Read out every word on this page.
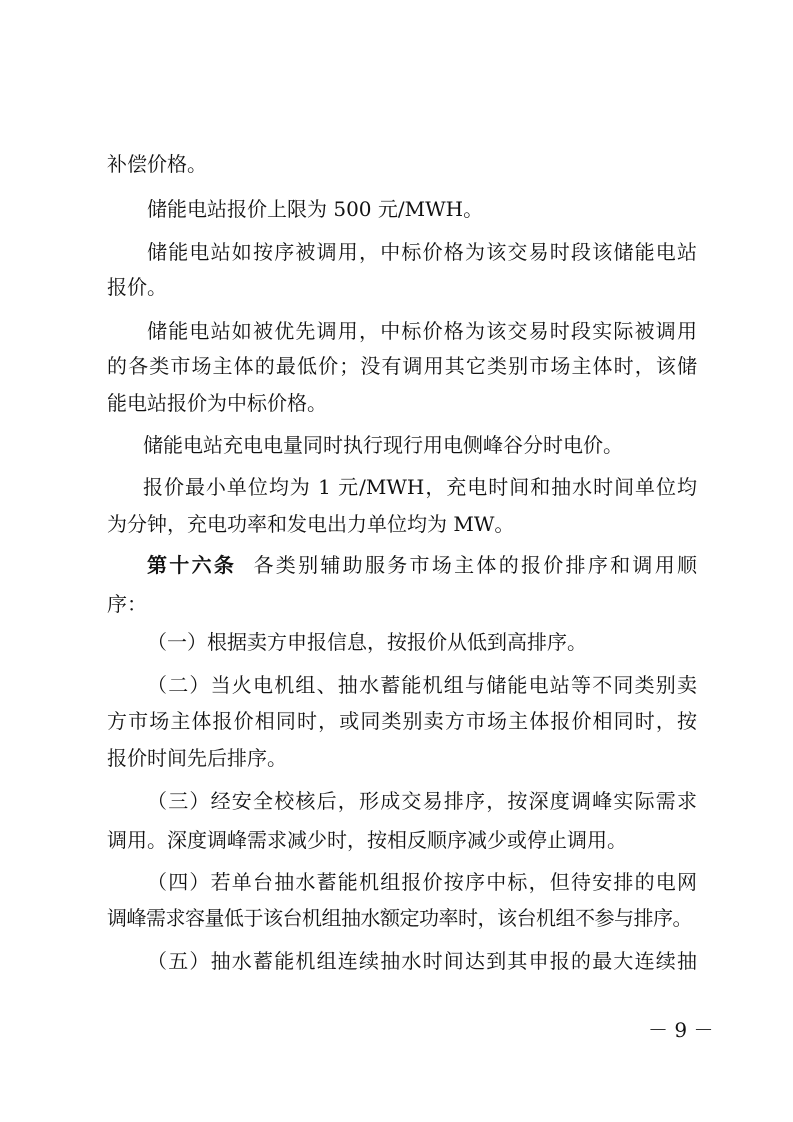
补偿价格。
储能电站报价上限为 500 元/MWH。
储能电站如按序被调用，中标价格为该交易时段该储能电站
报价。
储能电站如被优先调用，中标价格为该交易时段实际被调用
的各类市场主体的最低价；没有调用其它类别市场主体时，该储
能电站报价为中标价格。
储能电站充电电量同时执行现行用电侧峰谷分时电价。
报价最小单位均为 1 元/MWH，充电时间和抽水时间单位均
为分钟，充电功率和发电出力单位均为 MW。
第十六条 各类别辅助服务市场主体的报价排序和调用顺
序：
（一）根据卖方申报信息，按报价从低到高排序。
（二）当火电机组、抽水蓄能机组与储能电站等不同类别卖
方市场主体报价相同时，或同类别卖方市场主体报价相同时，按
报价时间先后排序。
（三）经安全校核后，形成交易排序，按深度调峰实际需求
调用。深度调峰需求减少时，按相反顺序减少或停止调用。
（四）若单台抽水蓄能机组报价按序中标，但待安排的电网
调峰需求容量低于该台机组抽水额定功率时，该台机组不参与排序。
（五）抽水蓄能机组连续抽水时间达到其申报的最大连续抽
－ 9 －
